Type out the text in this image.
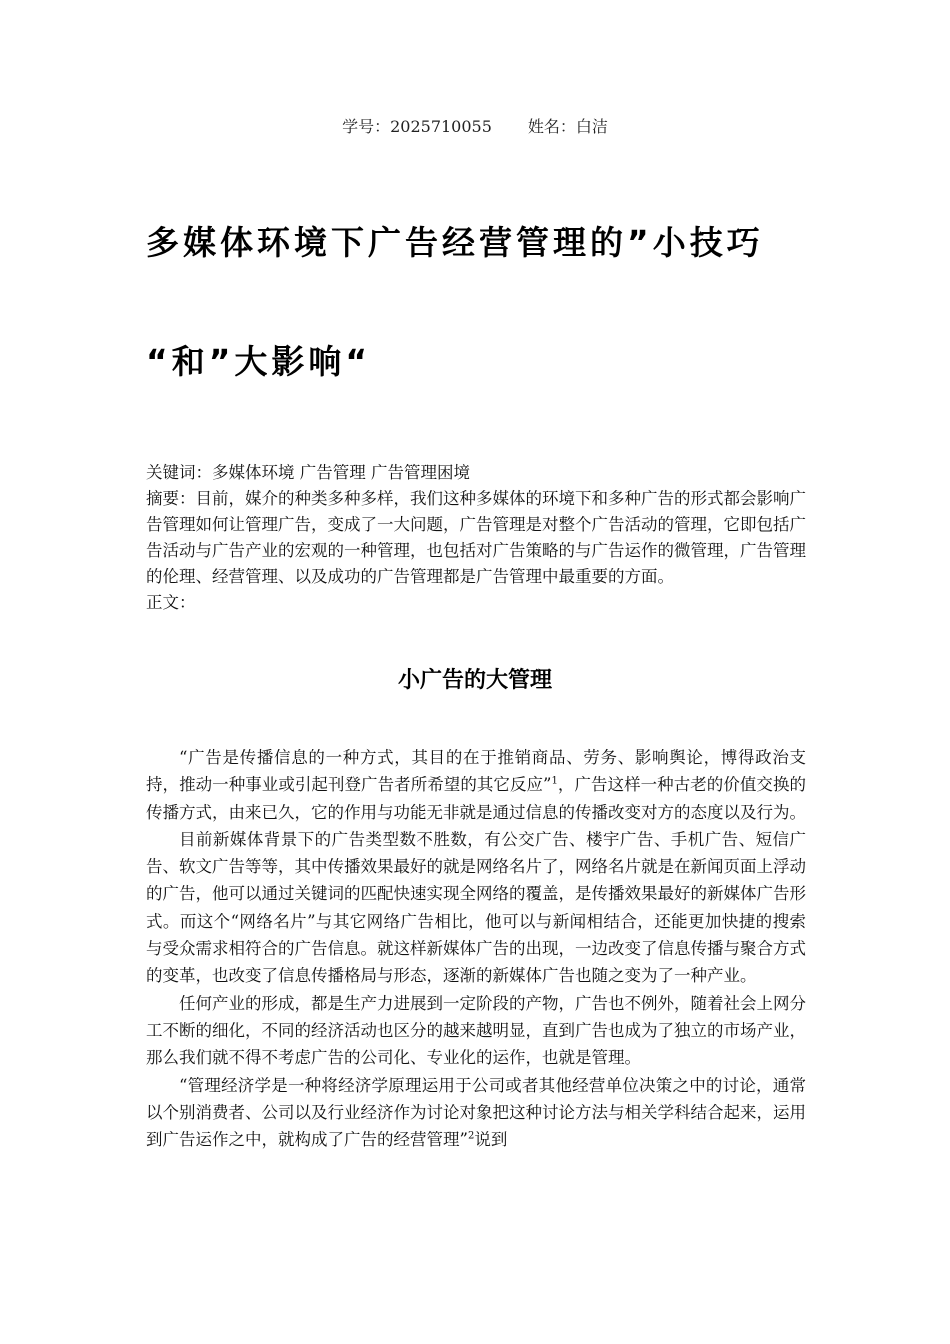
学号：2025710055 姓名：白洁
多媒体环境下广告经营管理的”小技巧
“和”大影响“

关键词：多媒体环境 广告管理 广告管理困境

摘要：目前，媒介的种类多种多样，我们这种多媒体的环境下和多种广告的形式都会影响广告管理如何让管理广告，变成了一大问题，广告管理是对整个广告活动的管理，它即包括广告活动与广告产业的宏观的一种管理，也包括对广告策略的与广告运作的微管理，广告管理的伦理、经营管理、以及成功的广告管理都是广告管理中最重要的方面。

正文：

小广告的大管理

“广告是传播信息的一种方式，其目的在于推销商品、劳务、影响舆论，博得政治支持，推动一种事业或引起刊登广告者所希望的其它反应”$^1$，广告这样一种古老的价值交换的传播方式，由来已久，它的作用与功能无非就是通过信息的传播改变对方的态度以及行为。

目前新媒体背景下的广告类型数不胜数，有公交广告、楼宇广告、手机广告、短信广告、软文广告等等，其中传播效果最好的就是网络名片了，网络名片就是在新闻页面上浮动的广告，他可以通过关键词的匹配快速实现全网络的覆盖，是传播效果最好的新媒体广告形式。而这个“网络名片”与其它网络广告相比，他可以与新闻相结合，还能更加快捷的搜索与受众需求相符合的广告信息。就这样新媒体广告的出现，一边改变了信息传播与聚合方式的变革，也改变了信息传播格局与形态，逐渐的新媒体广告也随之变为了一种产业。

任何产业的形成，都是生产力进展到一定阶段的产物，广告也不例外，随着社会上网分工不断的细化，不同的经济活动也区分的越来越明显，直到广告也成为了独立的市场产业，那么我们就不得不考虑广告的公司化、专业化的运作，也就是管理。

“管理经济学是一种将经济学原理运用于公司或者其他经营单位决策之中的讨论，通常以个别消费者、公司以及行业经济作为讨论对象把这种讨论方法与相关学科结合起来，运用到广告运作之中，就构成了广告的经营管理”$^2$说到
